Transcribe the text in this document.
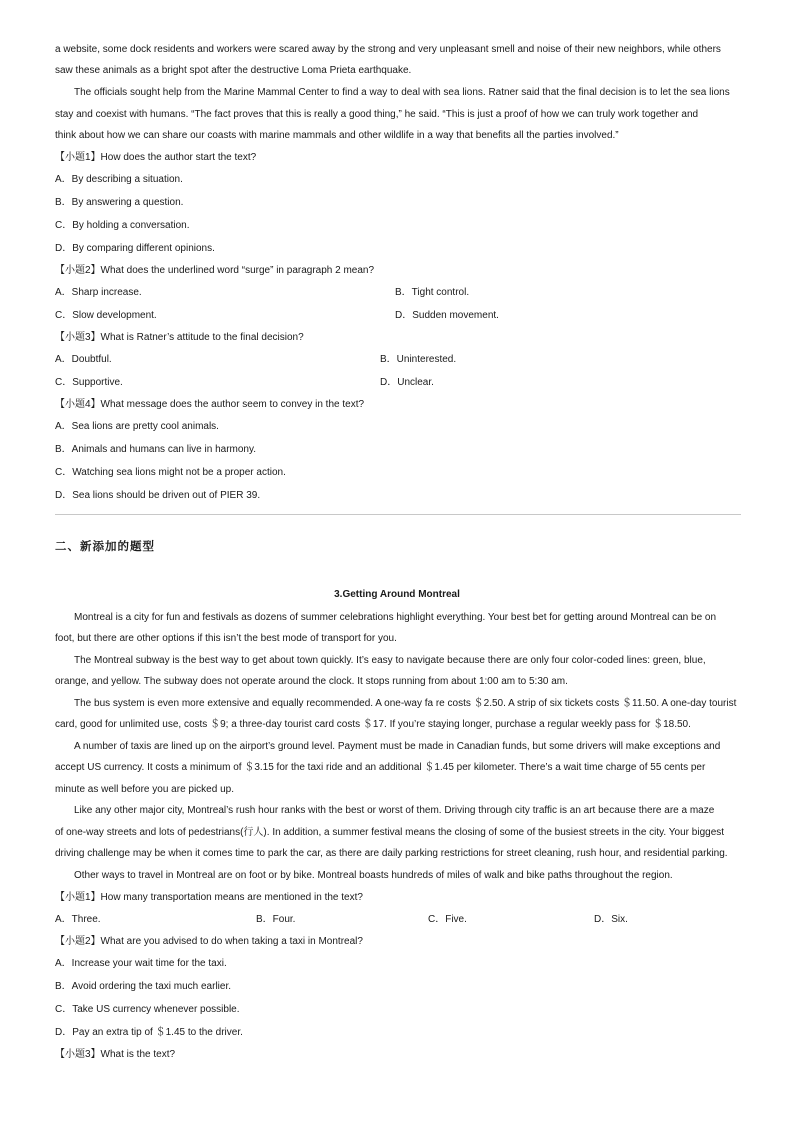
a website, some dock residents and workers were scared away by the strong and very unpleasant smell and noise of their new neighbors, while others
saw these animals as a bright spot after the destructive Loma Prieta earthquake.
The officials sought help from the Marine Mammal Center to find a way to deal with sea lions. Ratner said that the final decision is to let the sea lions
stay and coexist with humans. “The fact proves that this is really a good thing,” he said. “This is just a proof of how we can truly work together and
think about how we can share our coasts with marine mammals and other wildlife in a way that benefits all the parties involved.”
【小题1】How does the author start the text?
A．By describing a situation.
B．By answering a question.
C．By holding a conversation.
D．By comparing different opinions.
【小题2】What does the underlined word “surge” in paragraph 2 mean?
A．Sharp increase.	B．Tight control.
C．Slow development.	D．Sudden movement.
【小题3】What is Ratner’s attitude to the final decision?
A．Doubtful.	B．Uninterested.
C．Supportive.	D．Unclear.
【小题4】What message does the author seem to convey in the text?
A．Sea lions are pretty cool animals.
B．Animals and humans can live in harmony.
C．Watching sea lions might not be a proper action.
D．Sea lions should be driven out of PIER 39.
二、新添加的题型
3.Getting Around Montreal
Montreal is a city for fun and festivals as dozens of summer celebrations highlight everything. Your best bet for getting around Montreal can be on
foot, but there are other options if this isn’t the best mode of transport for you.
The Montreal subway is the best way to get about town quickly. It’s easy to navigate because there are only four color-coded lines: green, blue,
orange, and yellow. The subway does not operate around the clock. It stops running from about 1:00 am to 5:30 am.
The bus system is even more extensive and equally recommended. A one-way fa re costs ＄2.50. A strip of six tickets costs ＄11.50. A one-day tourist
card, good for unlimited use, costs ＄9; a three-day tourist card costs ＄17. If you’re staying longer, purchase a regular weekly pass for ＄18.50.
A number of taxis are lined up on the airport’s ground level. Payment must be made in Canadian funds, but some drivers will make exceptions and
accept US currency. It costs a minimum of ＄3.15 for the taxi ride and an additional ＄1.45 per kilometer. There’s a wait time charge of 55 cents per
minute as well before you are picked up.
Like any other major city, Montreal’s rush hour ranks with the best or worst of them. Driving through city traffic is an art because there are a maze
of one-way streets and lots of pedestrians(行人). In addition, a summer festival means the closing of some of the busiest streets in the city. Your biggest
driving challenge may be when it comes time to park the car, as there are daily parking restrictions for street cleaning, rush hour, and residential parking.
Other ways to travel in Montreal are on foot or by bike. Montreal boasts hundreds of miles of walk and bike paths throughout the region.
【小题1】How many transportation means are mentioned in the text?
A．Three.	B．Four.	C．Five.	D．Six.
【小题2】What are you advised to do when taking a taxi in Montreal?
A．Increase your wait time for the taxi.
B．Avoid ordering the taxi much earlier.
C．Take US currency whenever possible.
D．Pay an extra tip of ＄1.45 to the driver.
【小题3】What is the text?
